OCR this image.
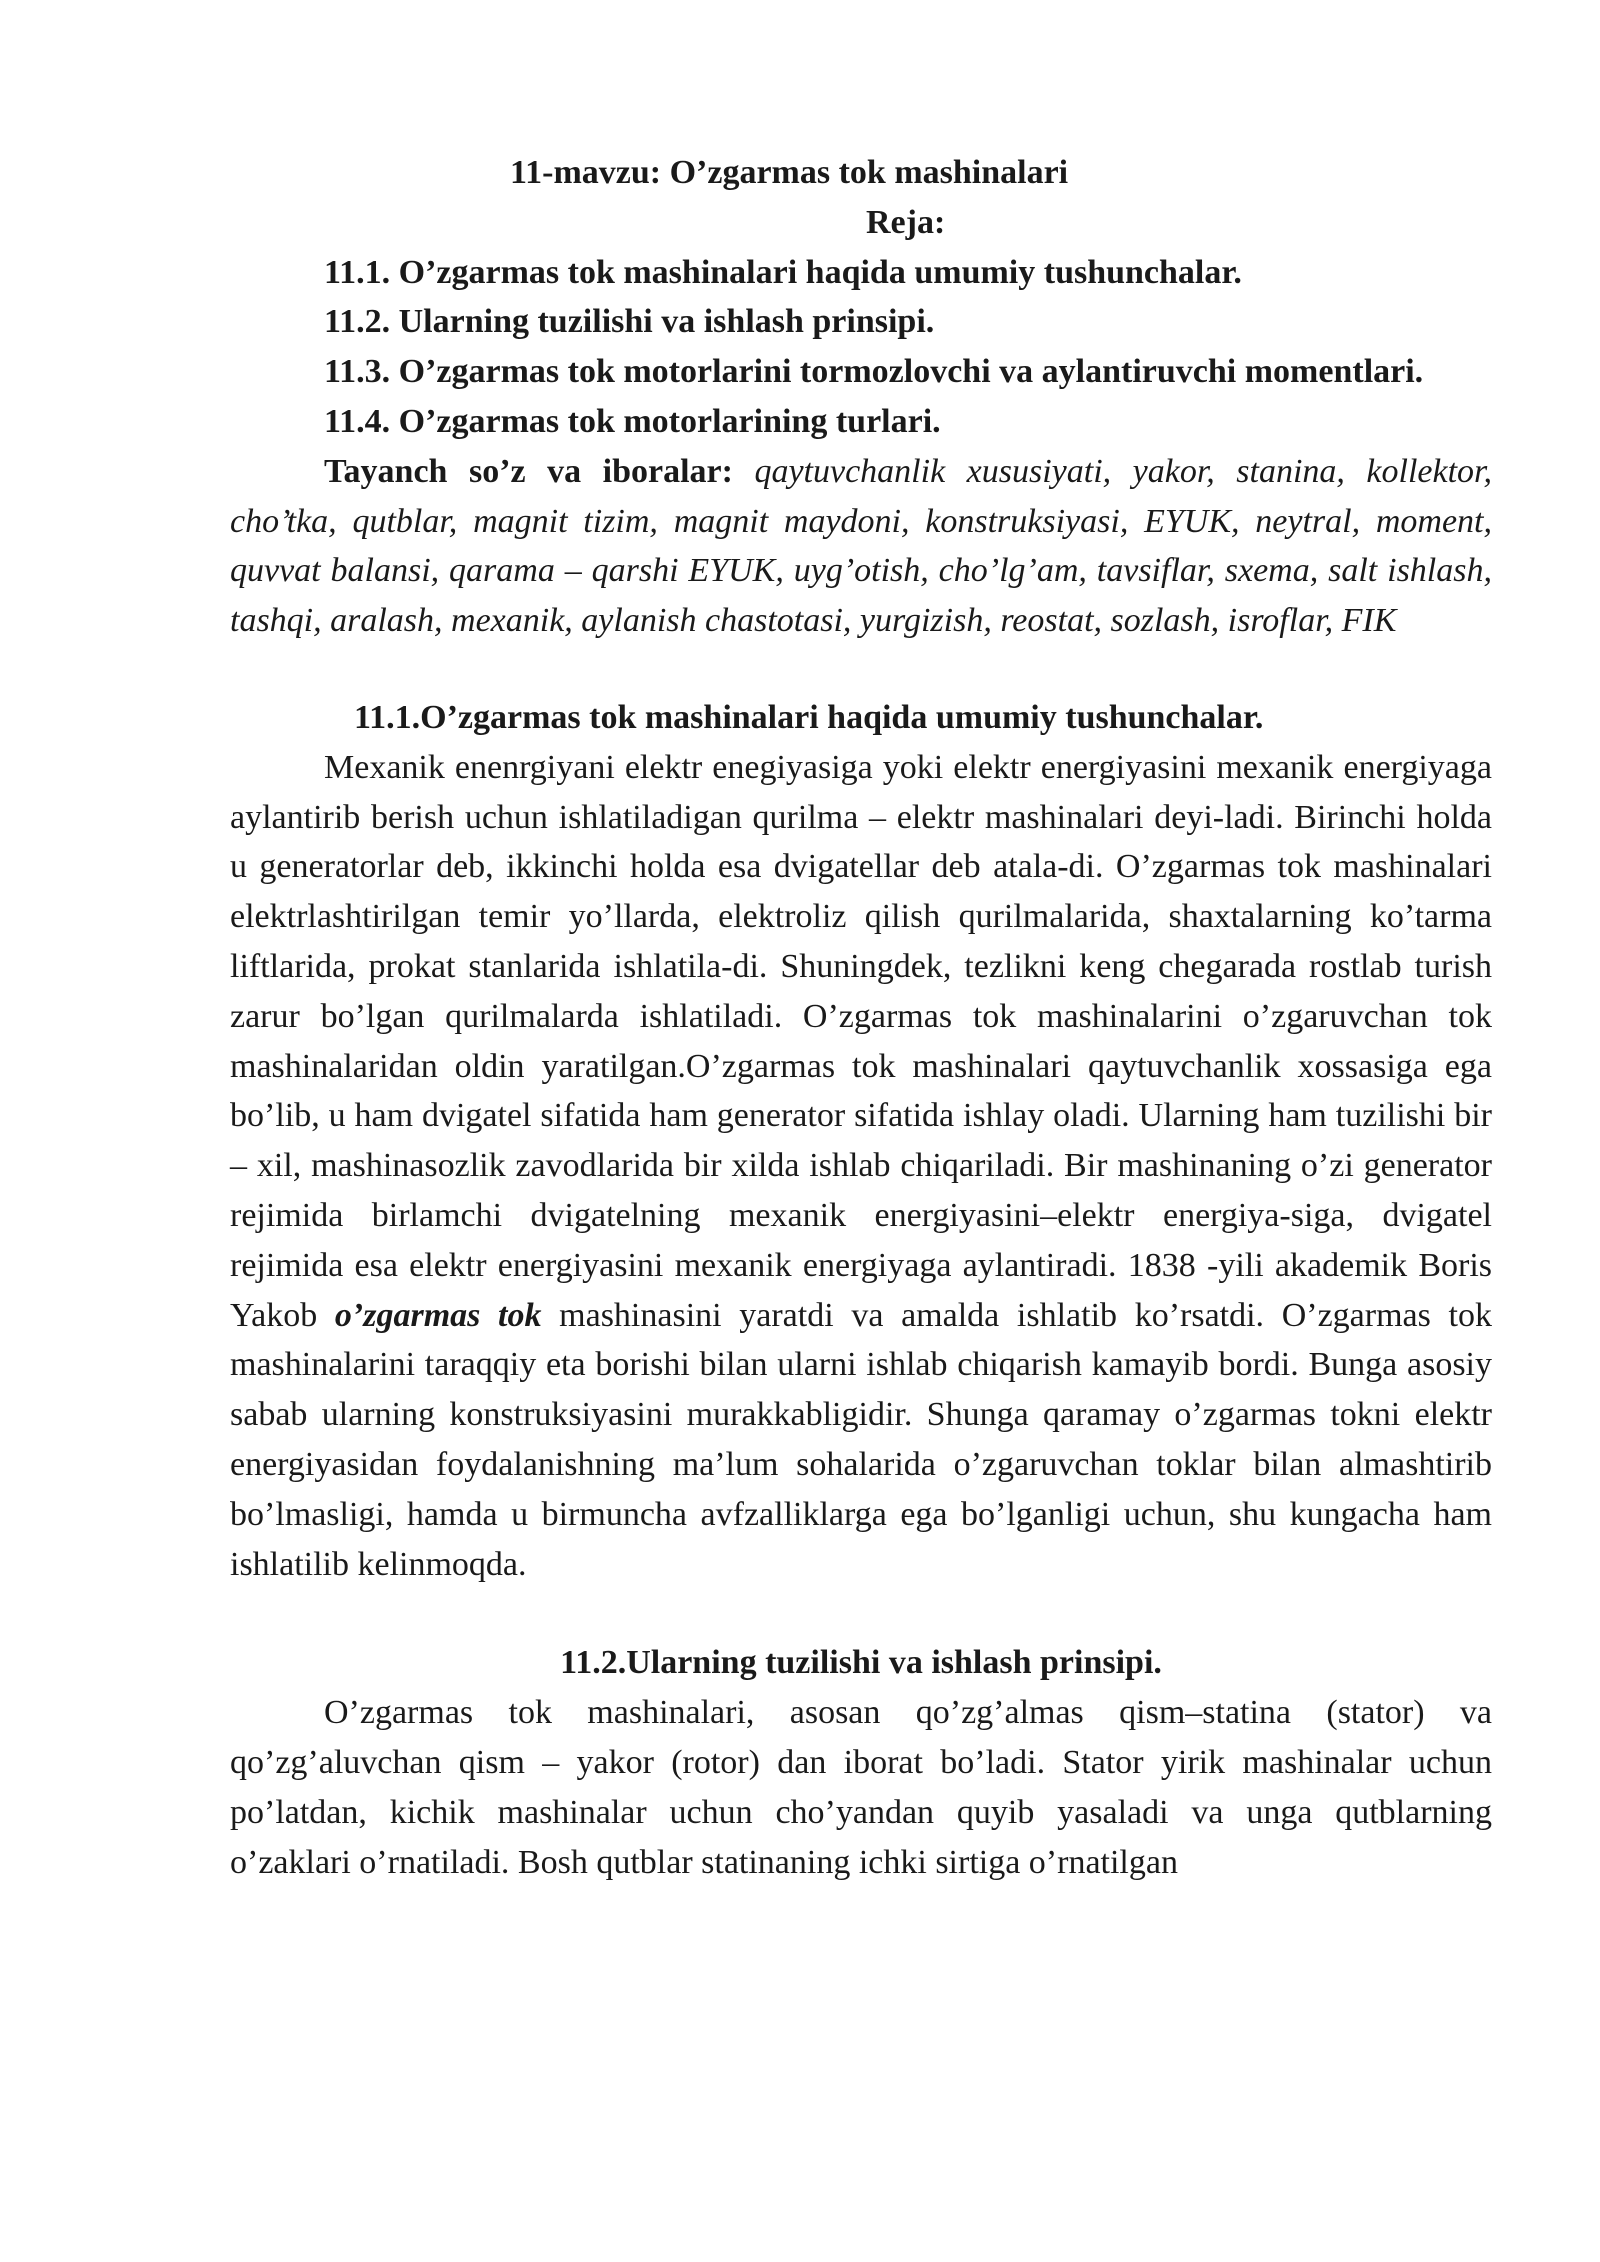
11-mavzu: O’zgarmas tok mashinalari

Reja:

11.1. O’zgarmas tok mashinalari haqida umumiy tushunchalar.

11.2. Ularning tuzilishi va ishlash prinsipi.

11.3. O’zgarmas tok motorlarini tormozlovchi va aylantiruvchi momentlari.

11.4. O’zgarmas tok motorlarining turlari.

Tayanch so’z va iboralar: qaytuvchanlik xususiyati, yakor, stanina, kollektor, cho’tka, qutblar, magnit tizim, magnit maydoni, konstruksiyasi, EYUK, neytral, moment, quvvat balansi, qarama – qarshi EYUK, uyg’otish, cho’lg’am, tavsiflar, sxema, salt ishlash, tashqi, aralash, mexanik, aylanish chastotasi, yurgizish, reostat, sozlash, isroflar, FIK

11.1.O’zgarmas tok mashinalari haqida umumiy tushunchalar.

Mexanik enenrgiyani elektr enegiyasiga yoki elektr energiyasini mexanik energiyaga aylantirib berish uchun ishlatiladigan qurilma – elektr mashinalari deyi-ladi. Birinchi holda u generatorlar deb, ikkinchi holda esa dvigatellar deb atala-di. O’zgarmas tok mashinalari elektrlashtirilgan temir yo’llarda, elektroliz qilish qurilmalarida, shaxtalarning ko’tarma liftlarida, prokat stanlarida ishlatila-di. Shuningdek, tezlikni keng chegarada rostlab turish zarur bo’lgan qurilmalarda ishlatiladi. O’zgarmas tok mashinalarini o’zgaruvchan tok mashinalaridan oldin yaratilgan.O’zgarmas tok mashinalari qaytuvchanlik xossasiga ega bo’lib, u ham dvigatel sifatida ham generator sifatida ishlay oladi. Ularning ham tuzilishi bir – xil, mashinasozlik zavodlarida bir xilda ishlab chiqariladi. Bir mashinaning o’zi generator rejimida birlamchi dvigatelning mexanik energiyasini–elektr energiya-siga, dvigatel rejimida esa elektr energiyasini mexanik energiyaga aylantiradi. 1838 -yili akademik Boris Yakob o’zgarmas tok mashinasini yaratdi va amalda ishlatib ko’rsatdi. O’zgarmas tok mashinalarini taraqqiy eta borishi bilan ularni ishlab chiqarish kamayib bordi. Bunga asosiy sabab ularning konstruksiyasini murakkabligidir. Shunga qaramay o’zgarmas tokni elektr energiyasidan foydalanishning ma’lum sohalarida o’zgaruvchan toklar bilan almashtirib bo’lmasligi, hamda u birmuncha avfzalliklarga ega bo’lganligi uchun, shu kungacha ham ishlatilib kelinmoqda.

11.2.Ularning tuzilishi va ishlash prinsipi.

O’zgarmas tok mashinalari, asosan qo’zg’almas qism–statina (stator) va qo’zg’aluvchan qism – yakor (rotor) dan iborat bo’ladi. Stator yirik mashinalar uchun po’latdan, kichik mashinalar uchun cho’yandan quyib yasaladi va unga qutblarning o’zaklari o’rnatiladi. Bosh qutblar statinaning ichki sirtiga o’rnatilgan
